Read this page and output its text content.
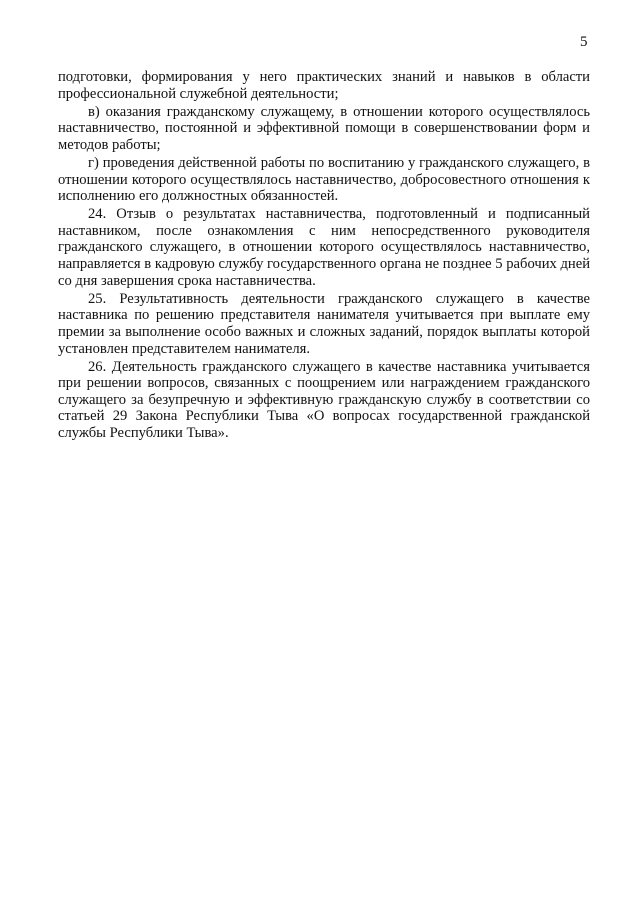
5

подготовки, формирования у него практических знаний и навыков в области профессиональной служебной деятельности;

в) оказания гражданскому служащему, в отношении которого осуществлялось наставничество, постоянной и эффективной помощи в совершенствовании форм и методов работы;

г) проведения действенной работы по воспитанию у гражданского служащего, в отношении которого осуществлялось наставничество, добросовестного отношения к исполнению его должностных обязанностей.

24. Отзыв о результатах наставничества, подготовленный и подписанный наставником, после ознакомления с ним непосредственного руководителя гражданского служащего, в отношении которого осуществлялось наставничество, направляется в кадровую службу государственного органа не позднее 5 рабочих дней со дня завершения срока наставничества.

25. Результативность деятельности гражданского служащего в качестве наставника по решению представителя нанимателя учитывается при выплате ему премии за выполнение особо важных и сложных заданий, порядок выплаты которой установлен представителем нанимателя.

26. Деятельность гражданского служащего в качестве наставника учитывается при решении вопросов, связанных с поощрением или награждением гражданского служащего за безупречную и эффективную гражданскую службу в соответствии со статьей 29 Закона Республики Тыва «О вопросах государственной гражданской службы Республики Тыва».
